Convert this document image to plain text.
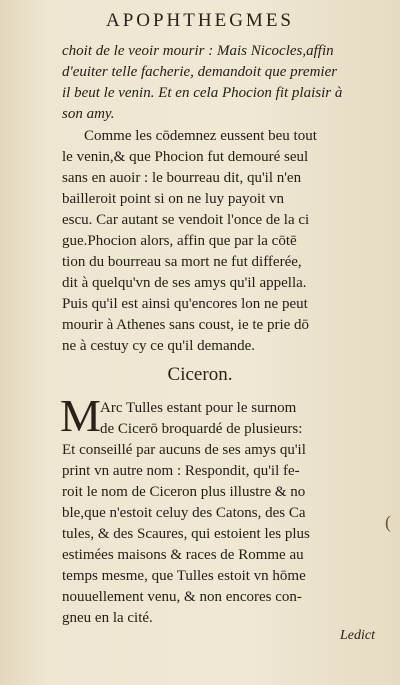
APOPHTHEGMES
choit de le veoir mourir : Mais Nicocles,affin
d'euiter telle facherie, demandoit que premier
il beut le venin. Et en cela Phocion fit plaisir à
son amy.
Comme les cōdemnez eussent beu tout
le venin,& que Phocion fut demouré seul
sans en auoir : le bourreau dit, qu'il n'en
bailleroit point si on ne luy payoit vn
escu. Car autant se vendoit l'once de la ci
gue.Phocion alors, affin que par la cōtē
tion du bourreau sa mort ne fut differée,
dit à quelqu'vn de ses amys qu'il appella.
Puis qu'il est ainsi qu'encores lon ne peut
mourir à Athenes sans coust, ie te prie dō
ne à cestuy cy ce qu'il demande.
Ciceron.
M Arc Tulles estant pour le surnom
de Cicerō broquardé de plusieurs:
Et conseillé par aucuns de ses amys qu'il
print vn autre nom : Respondit, qu'il fe-
roit le nom de Ciceron plus illustre & no
ble,que n'estoit celuy des Catons, des Ca
tules, & des Scaures, qui estoient les plus
estimées maisons & races de Romme au
temps mesme, que Tulles estoit vn hōme
nouuellement venu, & non encores con-
gneu en la cité.
(
Ledict
